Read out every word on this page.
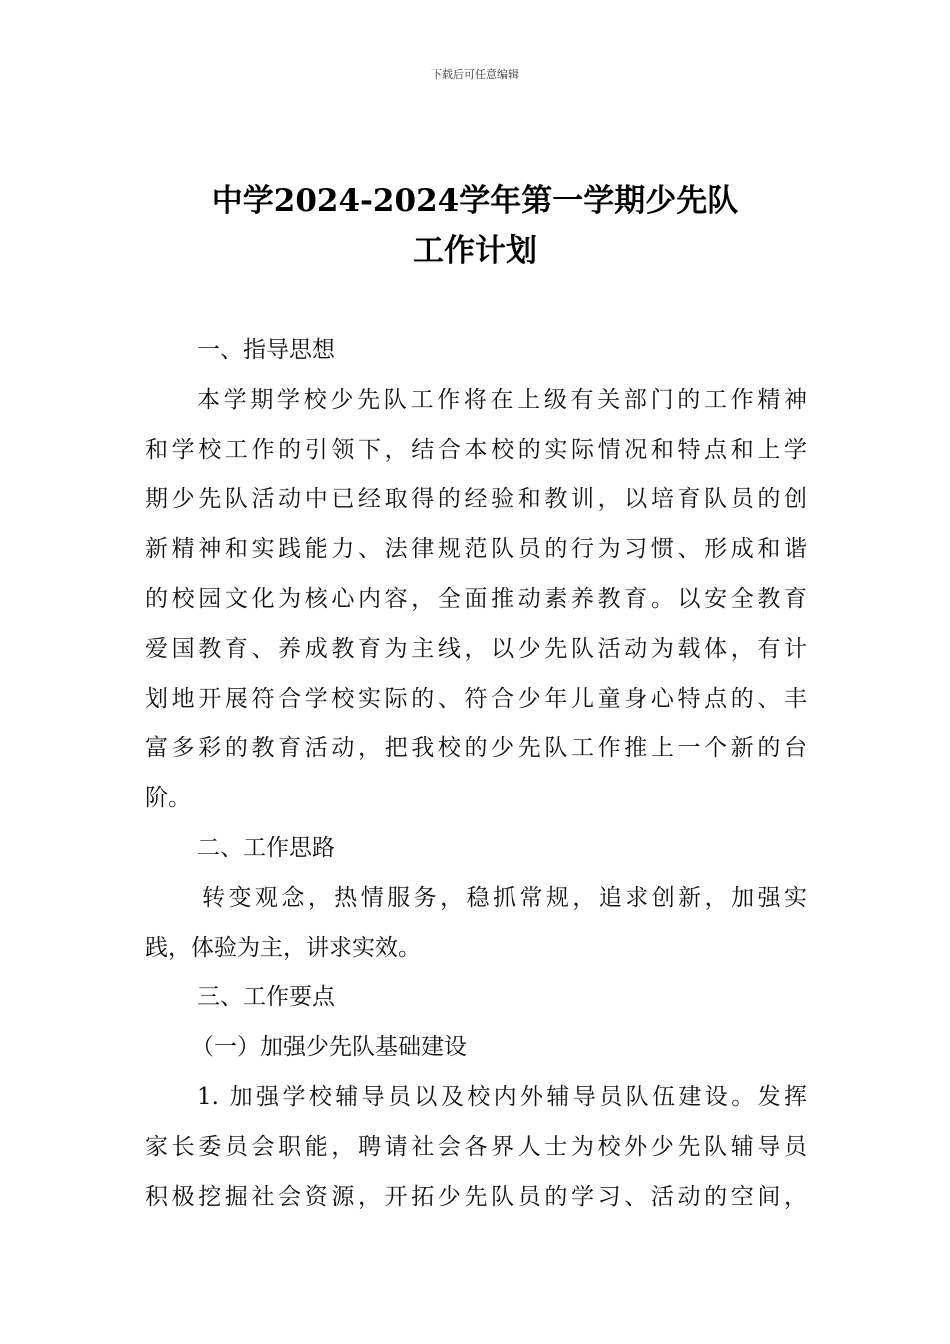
下载后可任意编辑
中学2024-2024学年第一学期少先队
工作计划
一、指导思想
本学期学校少先队工作将在上级有关部门的工作精神
和学校工作的引领下，结合本校的实际情况和特点和上学
期少先队活动中已经取得的经验和教训，以培育队员的创
新精神和实践能力、法律规范队员的行为习惯、形成和谐
的校园文化为核心内容，全面推动素养教育。以安全教育
爱国教育、养成教育为主线，以少先队活动为载体，有计
划地开展符合学校实际的、符合少年儿童身心特点的、丰
富多彩的教育活动，把我校的少先队工作推上一个新的台
阶。
二、工作思路
转变观念，热情服务，稳抓常规，追求创新，加强实
践，体验为主，讲求实效。
三、工作要点
（一）加强少先队基础建设
1. 加强学校辅导员以及校内外辅导员队伍建设。发挥
家长委员会职能，聘请社会各界人士为校外少先队辅导员
积极挖掘社会资源，开拓少先队员的学习、活动的空间，
